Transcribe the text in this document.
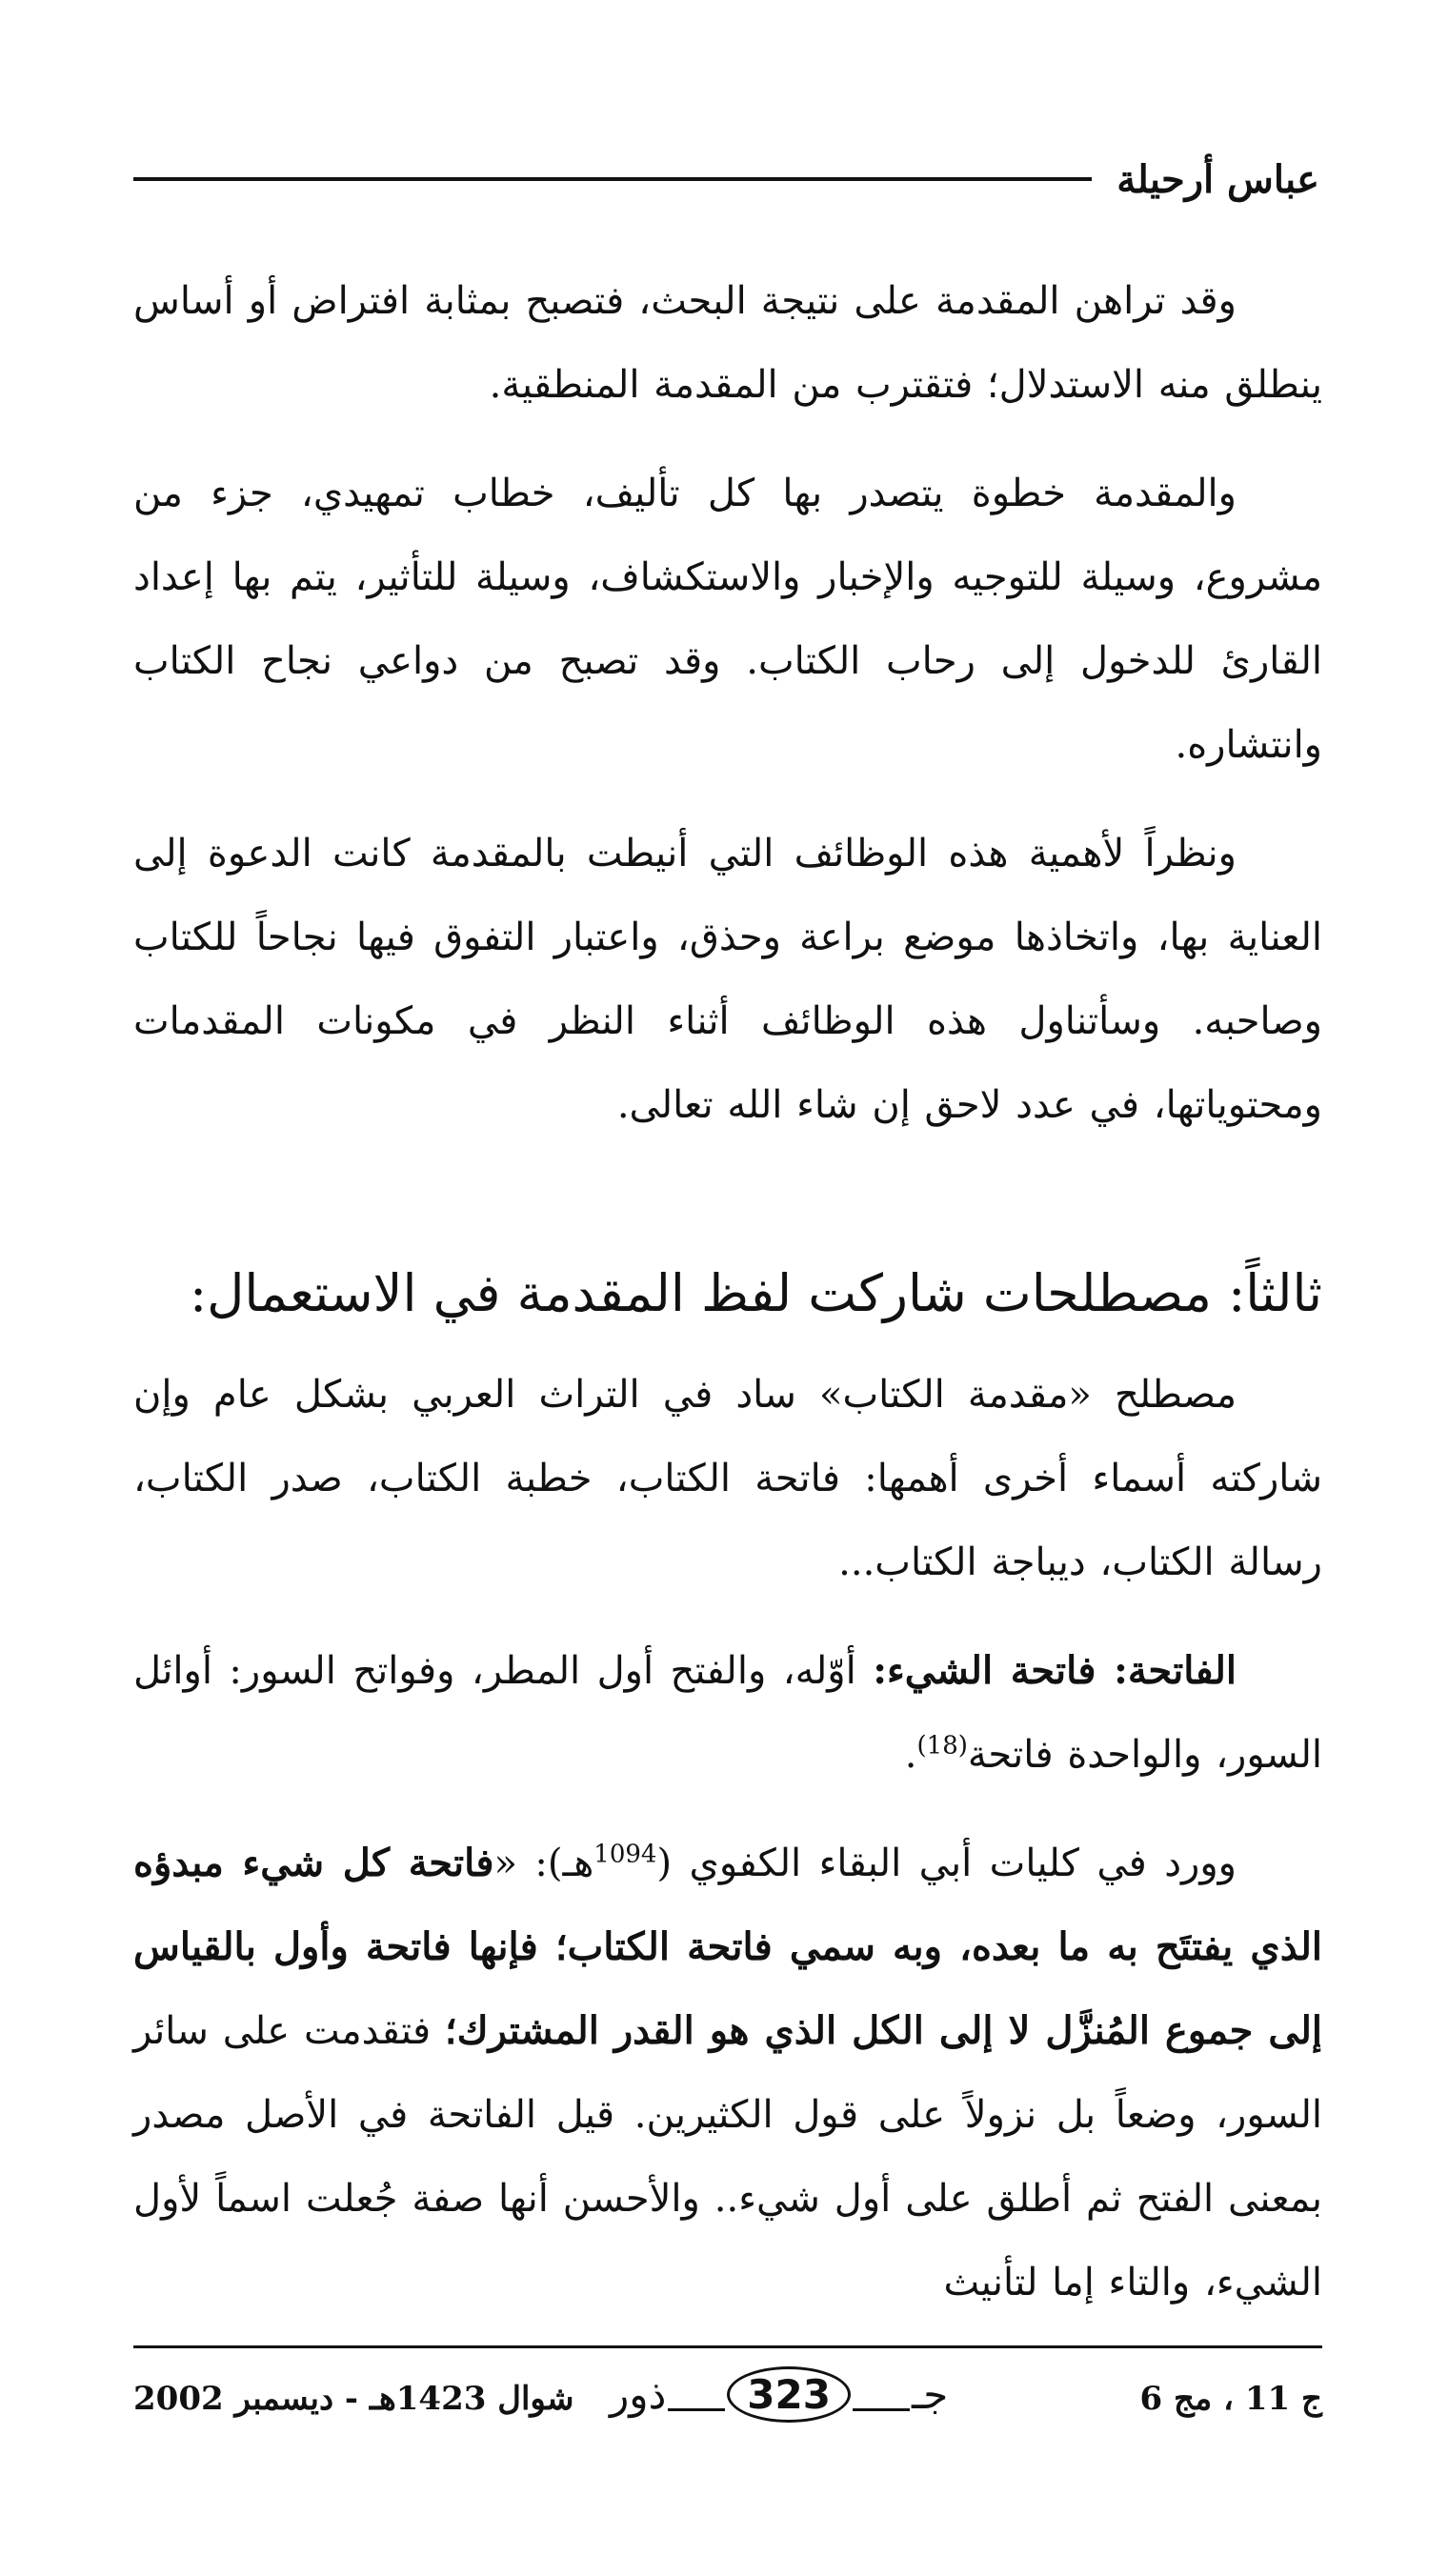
عباس أرحيلة

وقد تراهن المقدمة على نتيجة البحث، فتصبح بمثابة افتراض أو أساس ينطلق منه الاستدلال؛ فتقترب من المقدمة المنطقية.

والمقدمة خطوة يتصدر بها كل تأليف، خطاب تمهيدي، جزء من مشروع، وسيلة للتوجيه والإخبار والاستكشاف، وسيلة للتأثير، يتم بها إعداد القارئ للدخول إلى رحاب الكتاب. وقد تصبح من دواعي نجاح الكتاب وانتشاره.

ونظراً لأهمية هذه الوظائف التي أنيطت بالمقدمة كانت الدعوة إلى العناية بها، واتخاذها موضع براعة وحذق، واعتبار التفوق فيها نجاحاً للكتاب وصاحبه. وسأتناول هذه الوظائف أثناء النظر في مكونات المقدمات ومحتوياتها، في عدد لاحق إن شاء الله تعالى.

ثالثاً: مصطلحات شاركت لفظ المقدمة في الاستعمال:

مصطلح «مقدمة الكتاب» ساد في التراث العربي بشكل عام وإن شاركته أسماء أخرى أهمها: فاتحة الكتاب، خطبة الكتاب، صدر الكتاب، رسالة الكتاب، ديباجة الكتاب...

الفاتحة: فاتحة الشيء: أوّله، والفتح أول المطر، وفواتح السور: أوائل السور، والواحدة فاتحة$^{(18)}$.

وورد في كليات أبي البقاء الكفوي ($^{1094}$هـ): «فاتحة كل شيء مبدؤه الذي يفتتَح به ما بعده، وبه سمي فاتحة الكتاب؛ فإنها فاتحة وأول بالقياس إلى جموع المُنزَّل لا إلى الكل الذي هو القدر المشترك؛ فتقدمت على سائر السور، وضعاً بل نزولاً على قول الكثيرين. قيل الفاتحة في الأصل مصدر بمعنى الفتح ثم أطلق على أول شيء.. والأحسن أنها صفة جُعلت اسماً لأول الشيء، والتاء إما لتأنيث

ج 11 ، مج 6
جـ
323
ذور
شوال 1423هـ - ديسمبر 2002
